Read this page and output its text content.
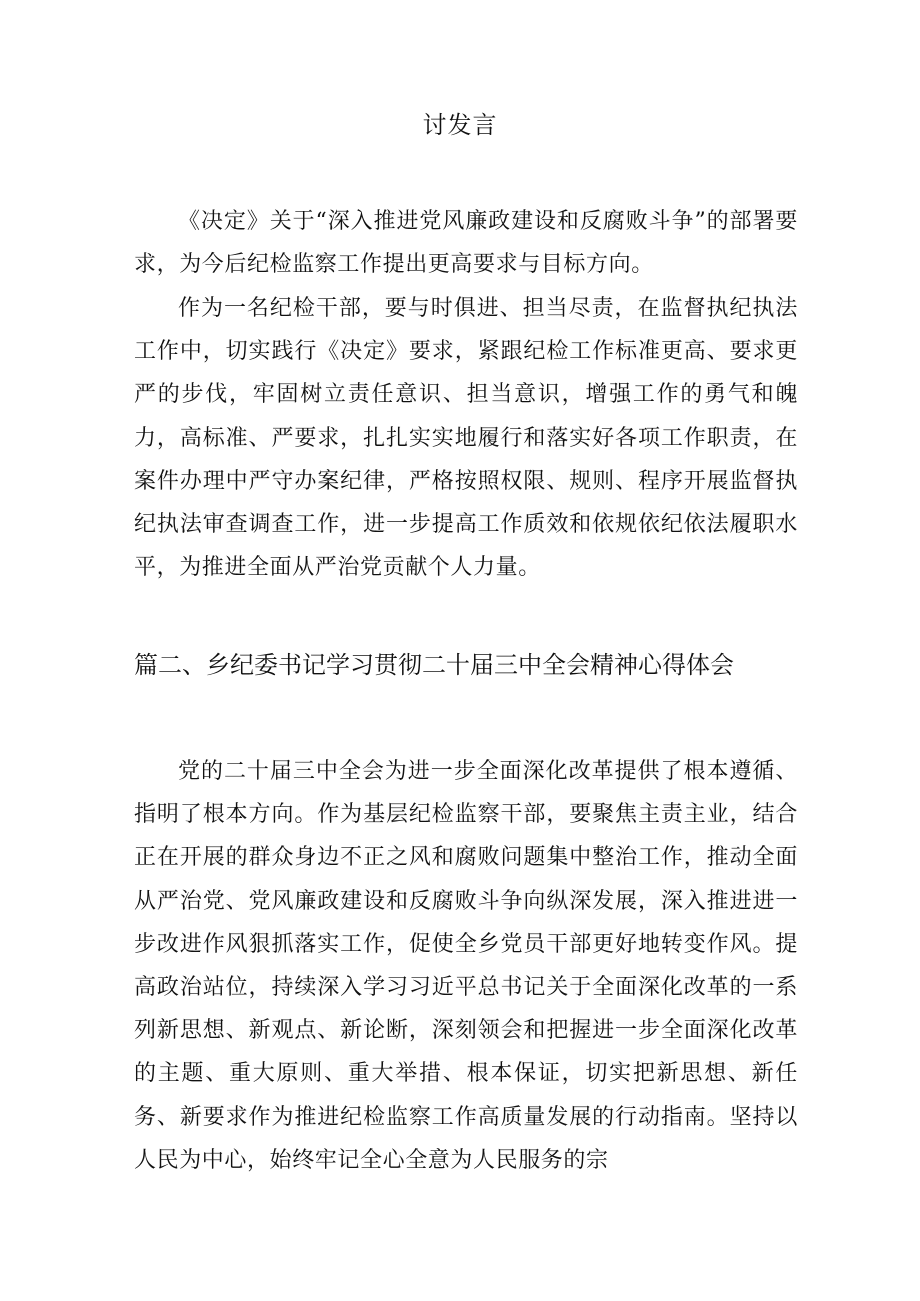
讨发言

《决定》关于“深入推进党风廉政建设和反腐败斗争”的部署要求，为今后纪检监察工作提出更高要求与目标方向。

作为一名纪检干部，要与时俱进、担当尽责，在监督执纪执法工作中，切实践行《决定》要求，紧跟纪检工作标准更高、要求更严的步伐，牢固树立责任意识、担当意识，增强工作的勇气和魄力，高标准、严要求，扎扎实实地履行和落实好各项工作职责，在案件办理中严守办案纪律，严格按照权限、规则、程序开展监督执纪执法审查调查工作，进一步提高工作质效和依规依纪依法履职水平，为推进全面从严治党贡献个人力量。

篇二、乡纪委书记学习贯彻二十届三中全会精神心得体会

党的二十届三中全会为进一步全面深化改革提供了根本遵循、指明了根本方向。作为基层纪检监察干部，要聚焦主责主业，结合正在开展的群众身边不正之风和腐败问题集中整治工作，推动全面从严治党、党风廉政建设和反腐败斗争向纵深发展，深入推进进一步改进作风狠抓落实工作，促使全乡党员干部更好地转变作风。提高政治站位，持续深入学习习近平总书记关于全面深化改革的一系列新思想、新观点、新论断，深刻领会和把握进一步全面深化改革的主题、重大原则、重大举措、根本保证，切实把新思想、新任务、新要求作为推进纪检监察工作高质量发展的行动指南。坚持以人民为中心，始终牢记全心全意为人民服务的宗
